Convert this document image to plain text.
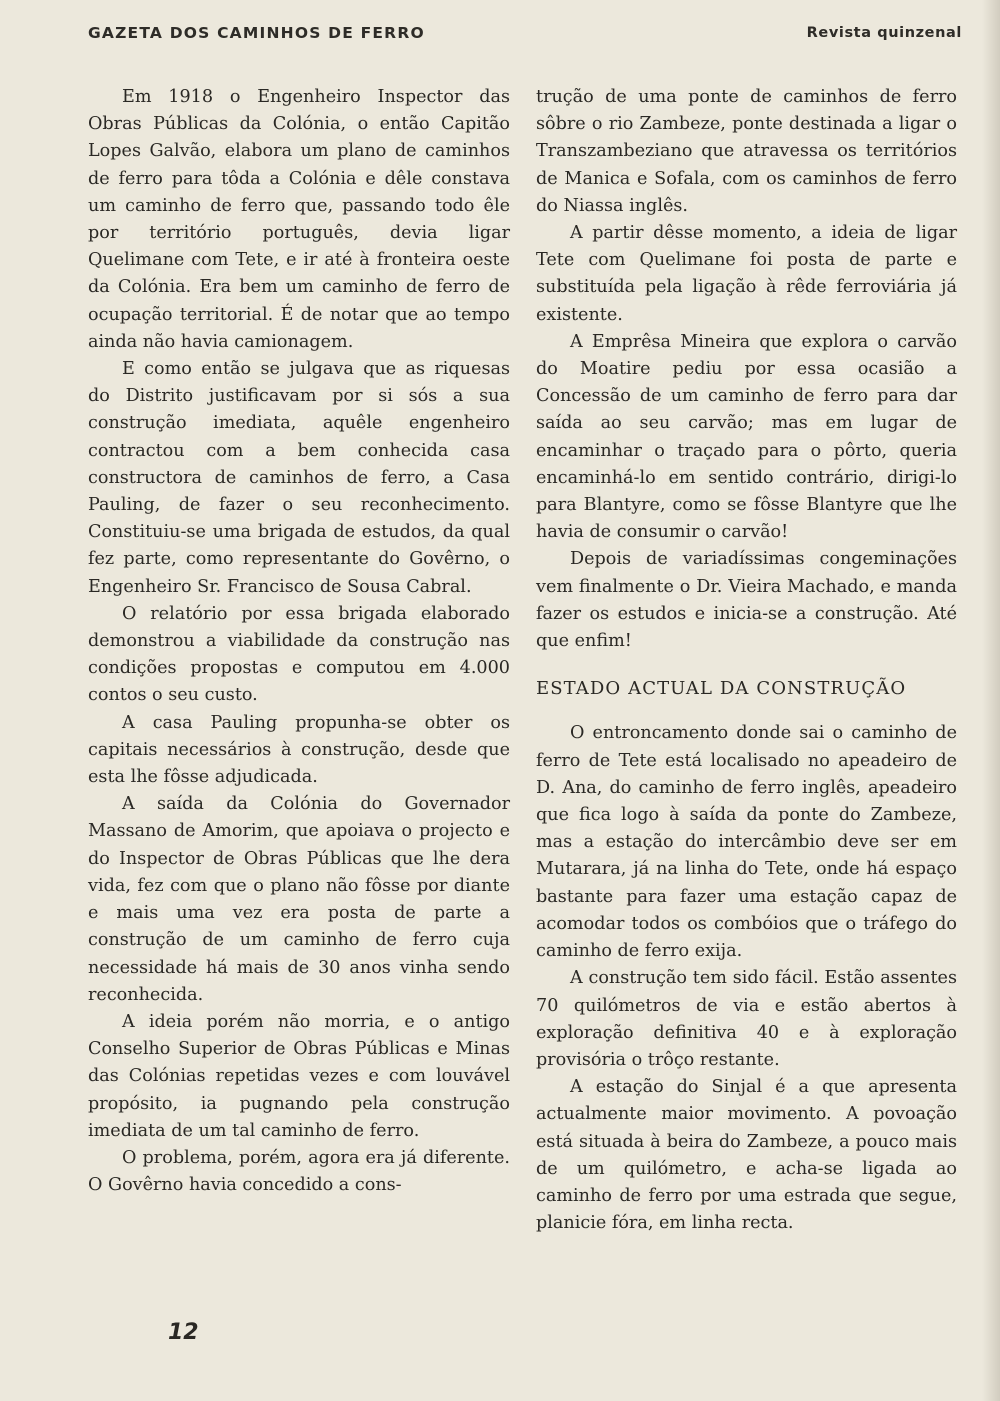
GAZETA DOS CAMINHOS DE FERRO	Revista quinzenal

Em 1918 o Engenheiro Inspector das Obras Públicas da Colónia, o então Capitão Lopes Galvão, elabora um plano de caminhos de ferro para tôda a Colónia e dêle constava um caminho de ferro que, passando todo êle por território português, devia ligar Quelimane com Tete, e ir até à fronteira oeste da Colónia. Era bem um caminho de ferro de ocupação territorial. É de notar que ao tempo ainda não havia camionagem.

E como então se julgava que as riquesas do Distrito justificavam por si sós a sua construção imediata, aquêle engenheiro contractou com a bem conhecida casa constructora de caminhos de ferro, a Casa Pauling, de fazer o seu reconhecimento. Constituiu-se uma brigada de estudos, da qual fez parte, como representante do Govêrno, o Engenheiro Sr. Francisco de Sousa Cabral.

O relatório por essa brigada elaborado demonstrou a viabilidade da construção nas condições propostas e computou em 4.000 contos o seu custo.

A casa Pauling propunha-se obter os capitais necessários à construção, desde que esta lhe fôsse adjudicada.

A saída da Colónia do Governador Massano de Amorim, que apoiava o projecto e do Inspector de Obras Públicas que lhe dera vida, fez com que o plano não fôsse por diante e mais uma vez era posta de parte a construção de um caminho de ferro cuja necessidade há mais de 30 anos vinha sendo reconhecida.

A ideia porém não morria, e o antigo Conselho Superior de Obras Públicas e Minas das Colónias repetidas vezes e com louvável propósito, ia pugnando pela construção imediata de um tal caminho de ferro.

O problema, porém, agora era já diferente. O Govêrno havia concedido a cons-

trução de uma ponte de caminhos de ferro sôbre o rio Zambeze, ponte destinada a ligar o Transzambeziano que atravessa os territórios de Manica e Sofala, com os caminhos de ferro do Niassa inglês.

A partir dêsse momento, a ideia de ligar Tete com Quelimane foi posta de parte e substituída pela ligação à rêde ferroviária já existente.

A Emprêsa Mineira que explora o carvão do Moatire pediu por essa ocasião a Concessão de um caminho de ferro para dar saída ao seu carvão; mas em lugar de encaminhar o traçado para o pôrto, queria encaminhá-lo em sentido contrário, dirigi-lo para Blantyre, como se fôsse Blantyre que lhe havia de consumir o carvão!

Depois de variadíssimas congeminações vem finalmente o Dr. Vieira Machado, e manda fazer os estudos e inicia-se a construção. Até que enfim!

ESTADO ACTUAL DA CONSTRUÇÃO

O entroncamento donde sai o caminho de ferro de Tete está localisado no apeadeiro de D. Ana, do caminho de ferro inglês, apeadeiro que fica logo à saída da ponte do Zambeze, mas a estação do intercâmbio deve ser em Mutarara, já na linha do Tete, onde há espaço bastante para fazer uma estação capaz de acomodar todos os combóios que o tráfego do caminho de ferro exija.

A construção tem sido fácil. Estão assentes 70 quilómetros de via e estão abertos à exploração definitiva 40 e à exploração provisória o trôço restante.

A estação do Sinjal é a que apresenta actualmente maior movimento. A povoação está situada à beira do Zambeze, a pouco mais de um quilómetro, e acha-se ligada ao caminho de ferro por uma estrada que segue, planicie fóra, em linha recta.

12
